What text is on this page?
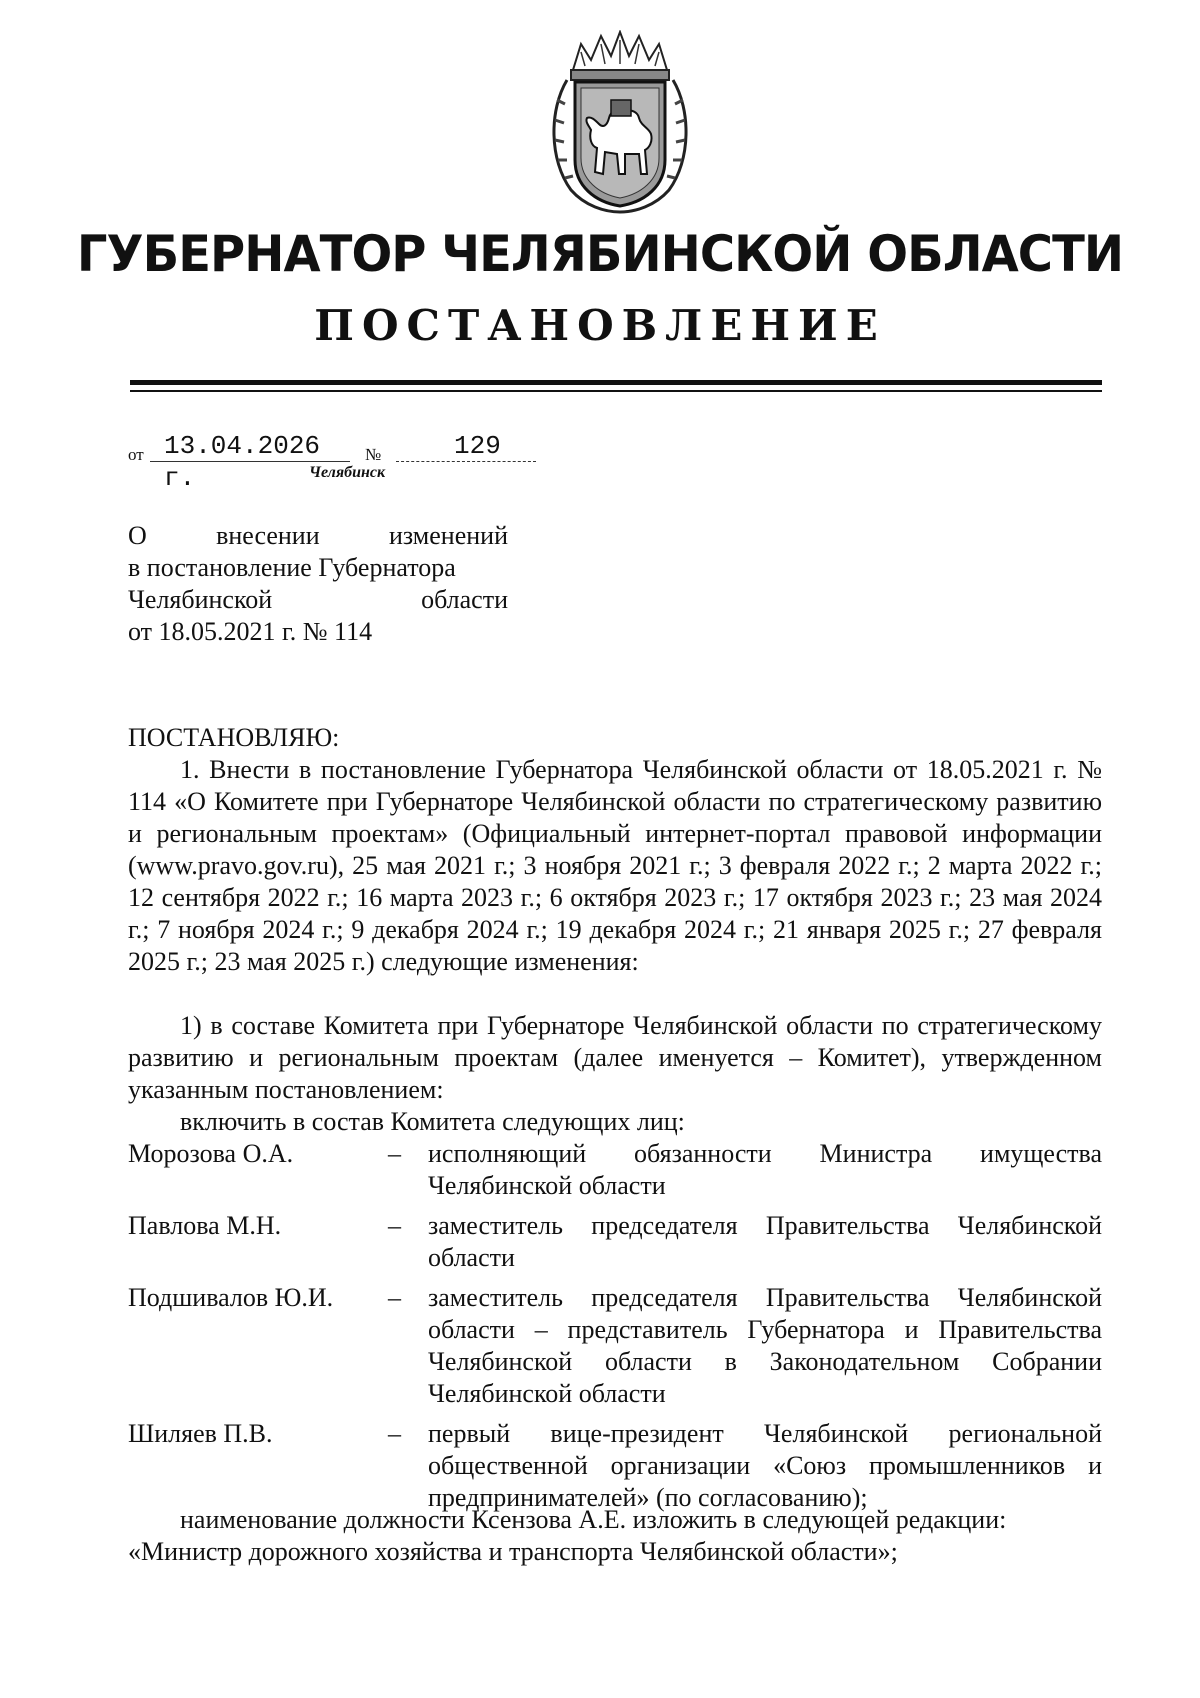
ГУБЕРНАТОР ЧЕЛЯБИНСКОЙ ОБЛАСТИ
ПОСТАНОВЛЕНИЕ
от 13.04.2026 г.
№	129
Челябинск
О внесении изменений
в постановление Губернатора
Челябинской области
от 18.05.2021 г. № 114
ПОСТАНОВЛЯЮ:
1. Внести в постановление Губернатора Челябинской области от 18.05.2021 г. № 114 «О Комитете при Губернаторе Челябинской области по стратегическому развитию и региональным проектам» (Официальный интернет-портал правовой информации (www.pravo.gov.ru), 25 мая 2021 г.; 3 ноября 2021 г.; 3 февраля 2022 г.; 2 марта 2022 г.; 12 сентября 2022 г.; 16 марта 2023 г.; 6 октября 2023 г.; 17 октября 2023 г.; 23 мая 2024 г.; 7 ноября 2024 г.; 9 декабря 2024 г.; 19 декабря 2024 г.; 21 января 2025 г.; 27 февраля 2025 г.; 23 мая 2025 г.) следующие изменения:
1) в составе Комитета при Губернаторе Челябинской области по стратегическому развитию и региональным проектам (далее именуется – Комитет), утвержденном указанным постановлением:
включить в состав Комитета следующих лиц:
Морозова О.А.	– исполняющий обязанности Министра имущества Челябинской области
Павлова М.Н.	– заместитель председателя Правительства Челябинской области
Подшивалов Ю.И. – заместитель председателя Правительства Челябинской области – представитель Губернатора и Правительства Челябинской области в Законодательном Собрании Челябинской области
Шиляев П.В.	– первый вице-президент Челябинской региональной общественной организации «Союз промышленников и предпринимателей» (по согласованию);
наименование должности Ксензова А.Е. изложить в следующей редакции:
«Министр дорожного хозяйства и транспорта Челябинской области»;
